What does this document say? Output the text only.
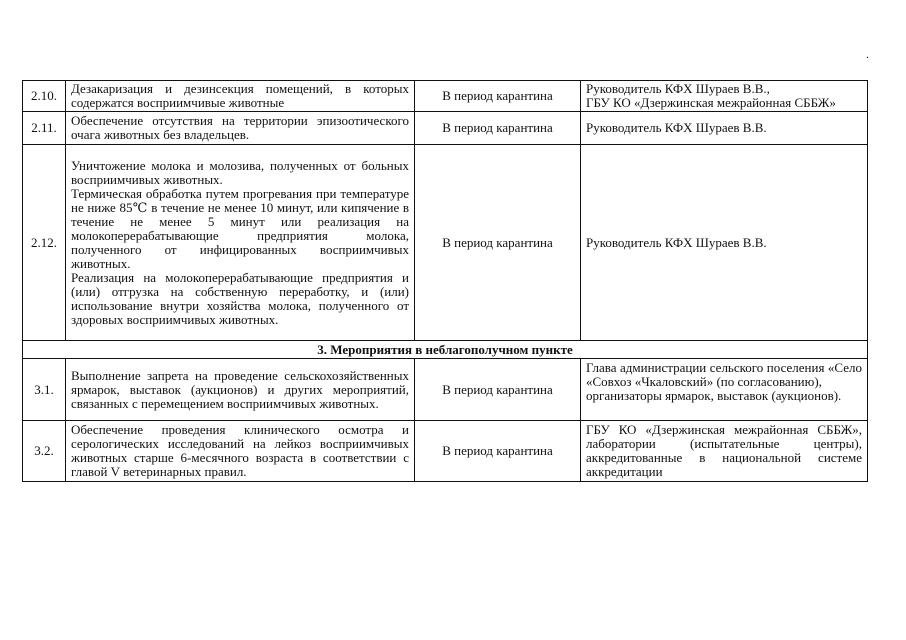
.
2.10.	Дезакаризация и дезинсекция помещений, в которых содержатся восприимчивые животные	В период карантина	Руководитель КФХ Шураев В.В.,
ГБУ КО «Дзержинская межрайонная СББЖ»

2.11.	Обеспечение отсутствия на территории эпизоотического очага животных без владельцев.	В период карантина	Руководитель КФХ Шураев В.В.

2.12.	Уничтожение молока и молозива, полученных от больных восприимчивых животных.
Термическая обработка путем прогревания при температуре не ниже 85℃ в течение не менее 10 минут, или кипячение в течение не менее 5 минут или реализация на молокоперерабатывающие предприятия молока, полученного от инфицированных восприимчивых животных.
Реализация на молокоперерабатывающие предприятия и (или) отгрузка на собственную переработку, и (или) использование внутри хозяйства молока, полученного от здоровых восприимчивых животных.	В период карантина	Руководитель КФХ Шураев В.В.

3. Мероприятия в неблагополучном пункте			
3.1.	Выполнение запрета на проведение сельскохозяйственных ярмарок, выставок (аукционов) и других мероприятий, связанных с перемещением восприимчивых животных.	В период карантина	Глава администрации сельского поселения «Село «Совхоз «Чкаловский» (по согласованию),
организаторы ярмарок, выставок (аукционов).

3.2.	Обеспечение проведения клинического осмотра и серологических исследований на лейкоз восприимчивых животных старше 6-месячного возраста в соответствии с главой V ветеринарных правил.	В период карантина	ГБУ КО «Дзержинская межрайонная СББЖ», лаборатории (испытательные центры), аккредитованные в национальной системе аккредитации
